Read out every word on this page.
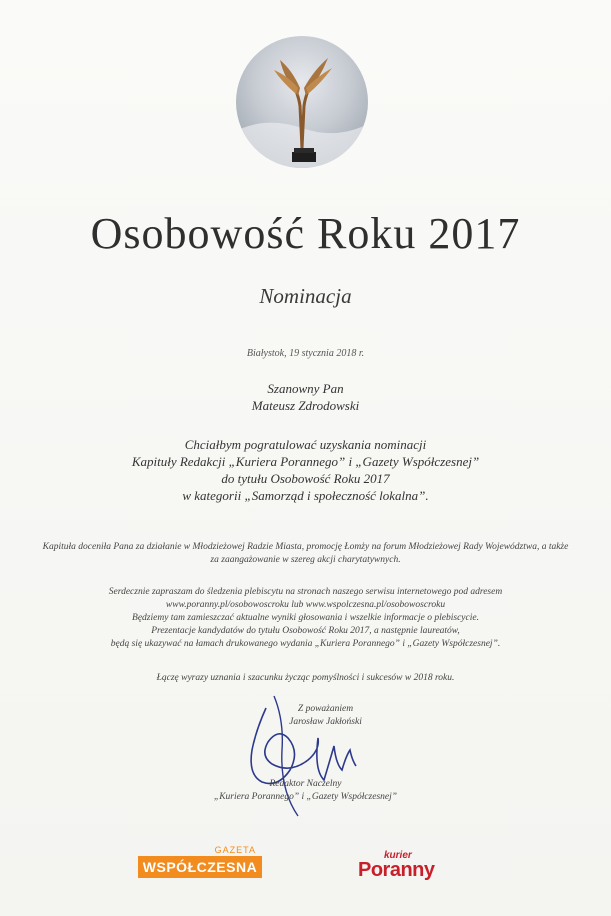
Osobowość Roku 2017
Nominacja
Białystok, 19 stycznia 2018 r.
Szanowny Pan
Mateusz Zdrodowski
Chciałbym pogratulować uzyskania nominacji
Kapituły Redakcji „Kuriera Porannego” i „Gazety Współczesnej”
do tytułu Osobowość Roku 2017
w kategorii „Samorząd i społeczność lokalna”.
Kapituła doceniła Pana za działanie w Młodzieżowej Radzie Miasta, promocję Łomży na forum Młodzieżowej Rady Województwa, a także za zaangażowanie w szereg akcji charytatywnych.
Serdecznie zapraszam do śledzenia plebiscytu na stronach naszego serwisu internetowego pod adresem
www.poranny.pl/osobowoscroku lub www.wspolczesna.pl/osobowoscroku
Będziemy tam zamieszczać aktualne wyniki głosowania i wszelkie informacje o plebiscycie.
Prezentacje kandydatów do tytułu Osobowość Roku 2017, a następnie laureatów,
będą się ukazywać na łamach drukowanego wydania „Kuriera Porannego” i „Gazety Współczesnej”.
Łączę wyrazy uznania i szacunku życząc pomyślności i sukcesów w 2018 roku.
Z poważaniem
Jarosław Jakłoński
Redaktor Naczelny
„Kuriera Porannego” i „Gazety Współczesnej”
GAZETA
WSPÓŁCZESNA
kurier
Poranny
